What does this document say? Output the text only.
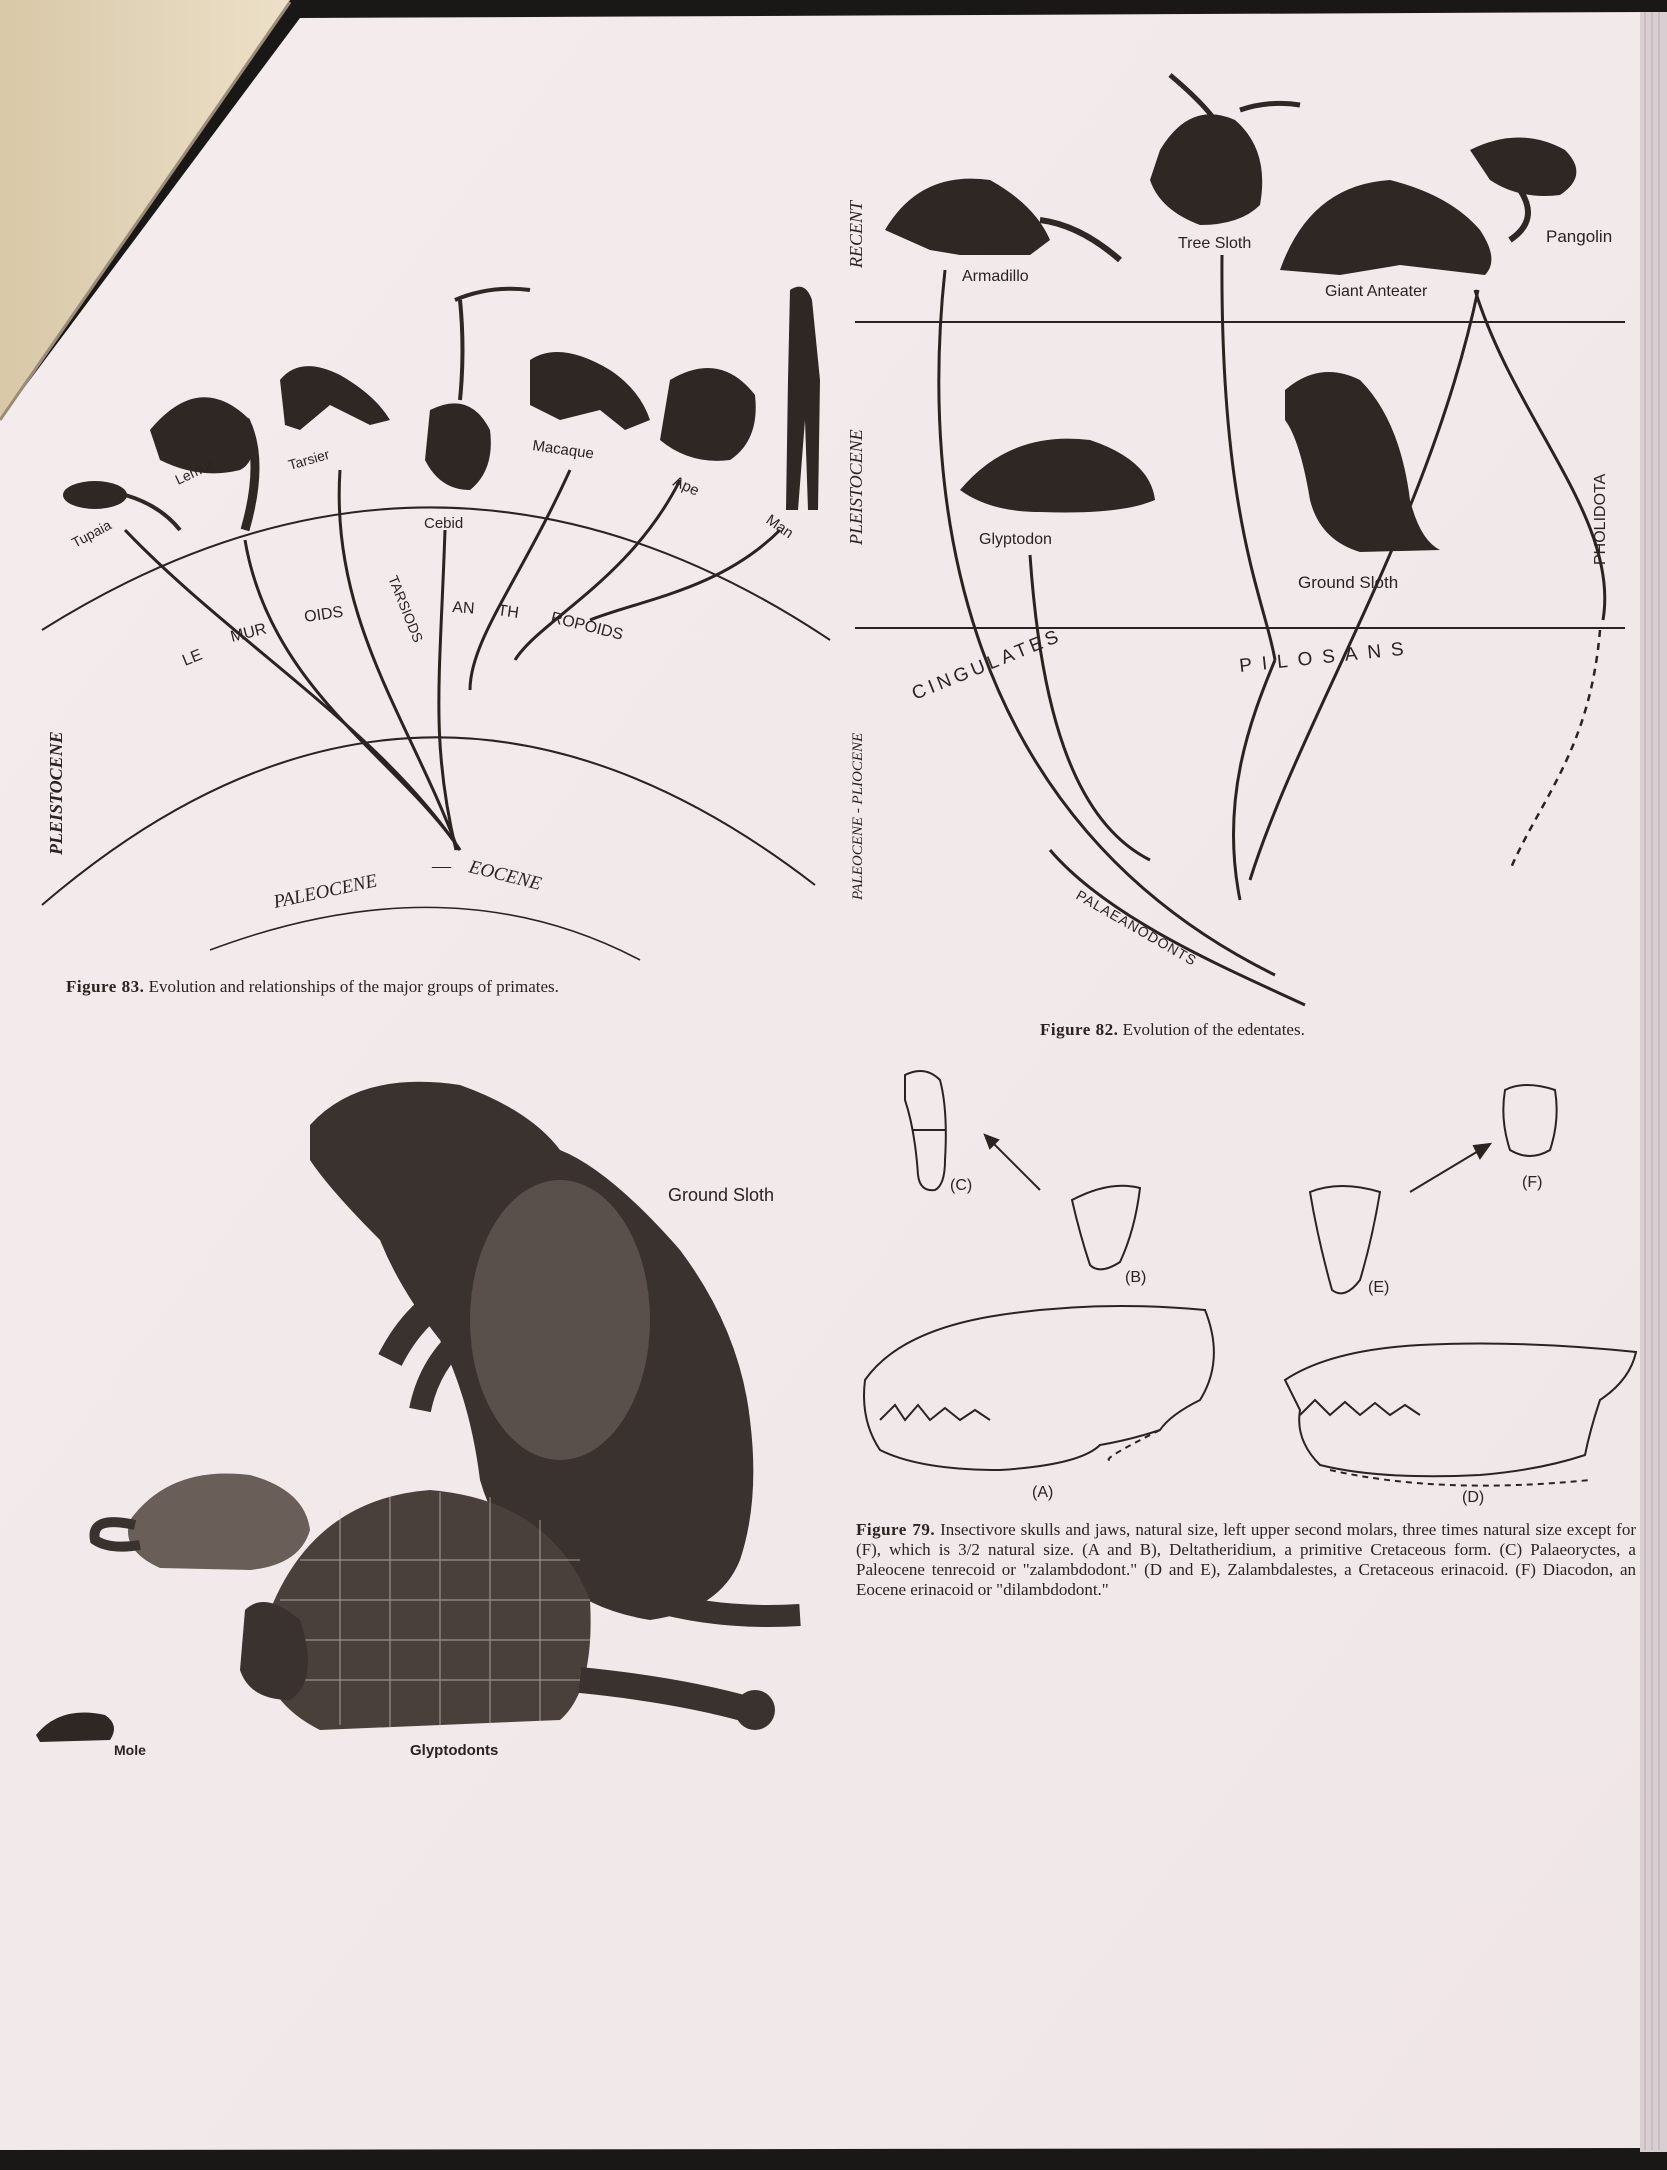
PLEISTOCENE
LE
MUR
OIDS	TARSIODS AN TH ROPOIDS
PALEOCENE
— EOCENE
Tupaia
Lemur	Tarsier
Cebid
Macaque
Ape
Man
RECENT
PLEISTOCENE
PALEOCENE - PLIOCENE
CINGULATES	PILOSANS
PALAEANODONTS
PHOLIDOTA
Armadillo
Tree Sloth
Giant Anteater
Pangolin
Glyptodon
Ground Sloth
Ground Sloth
Mole	Glyptodonts
(C)
(B)
(E)
(F)
(A)	(D)
Figure 83. Evolution and relationships of the major groups of primates.
Figure 82. Evolution of the edentates.
Figure 79. Insectivore skulls and jaws, natural size, left upper second molars, three times natural size except for (F), which is 3/2 natural size. (A and B), Deltatheridium, a primitive Cretaceous form. (C) Palaeoryctes, a Paleocene tenrecoid or "zalambdodont." (D and E), Zalambdalestes, a Cretaceous erinacoid. (F) Diacodon, an Eocene erinacoid or "dilambdodont."
